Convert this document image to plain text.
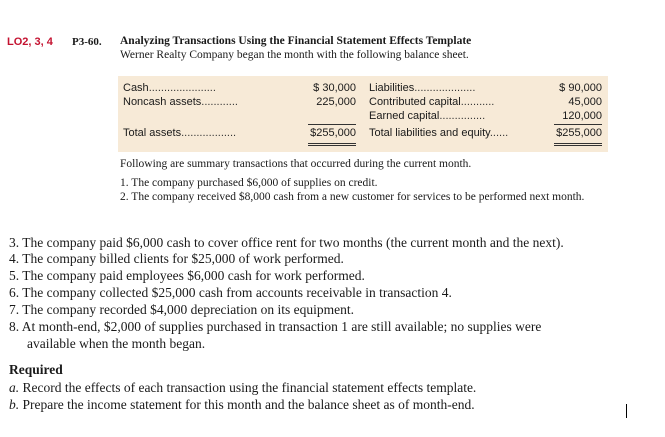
LO2, 3, 4 P3-60. Analyzing Transactions Using the Financial Statement Effects Template
Werner Realty Company began the month with the following balance sheet.
Cash......................	$ 30,000
Noncash assets............	225,000
Total assets..................	$255,000
Liabilities....................	$ 90,000
Contributed capital...........	45,000
Earned capital...............	120,000
Total liabilities and equity......	$255,000
Following are summary transactions that occurred during the current month.
1. The company purchased $6,000 of supplies on credit.
2. The company received $8,000 cash from a new customer for services to be performed next month.
3. The company paid $6,000 cash to cover office rent for two months (the current month and the next).
4. The company billed clients for $25,000 of work performed.
5. The company paid employees $6,000 cash for work performed.
6. The company collected $25,000 cash from accounts receivable in transaction 4.
7. The company recorded $4,000 depreciation on its equipment.
8. At month-end, $2,000 of supplies purchased in transaction 1 are still available; no supplies were
available when the month began.
Required
a. Record the effects of each transaction using the financial statement effects template.
b. Prepare the income statement for this month and the balance sheet as of month-end.
